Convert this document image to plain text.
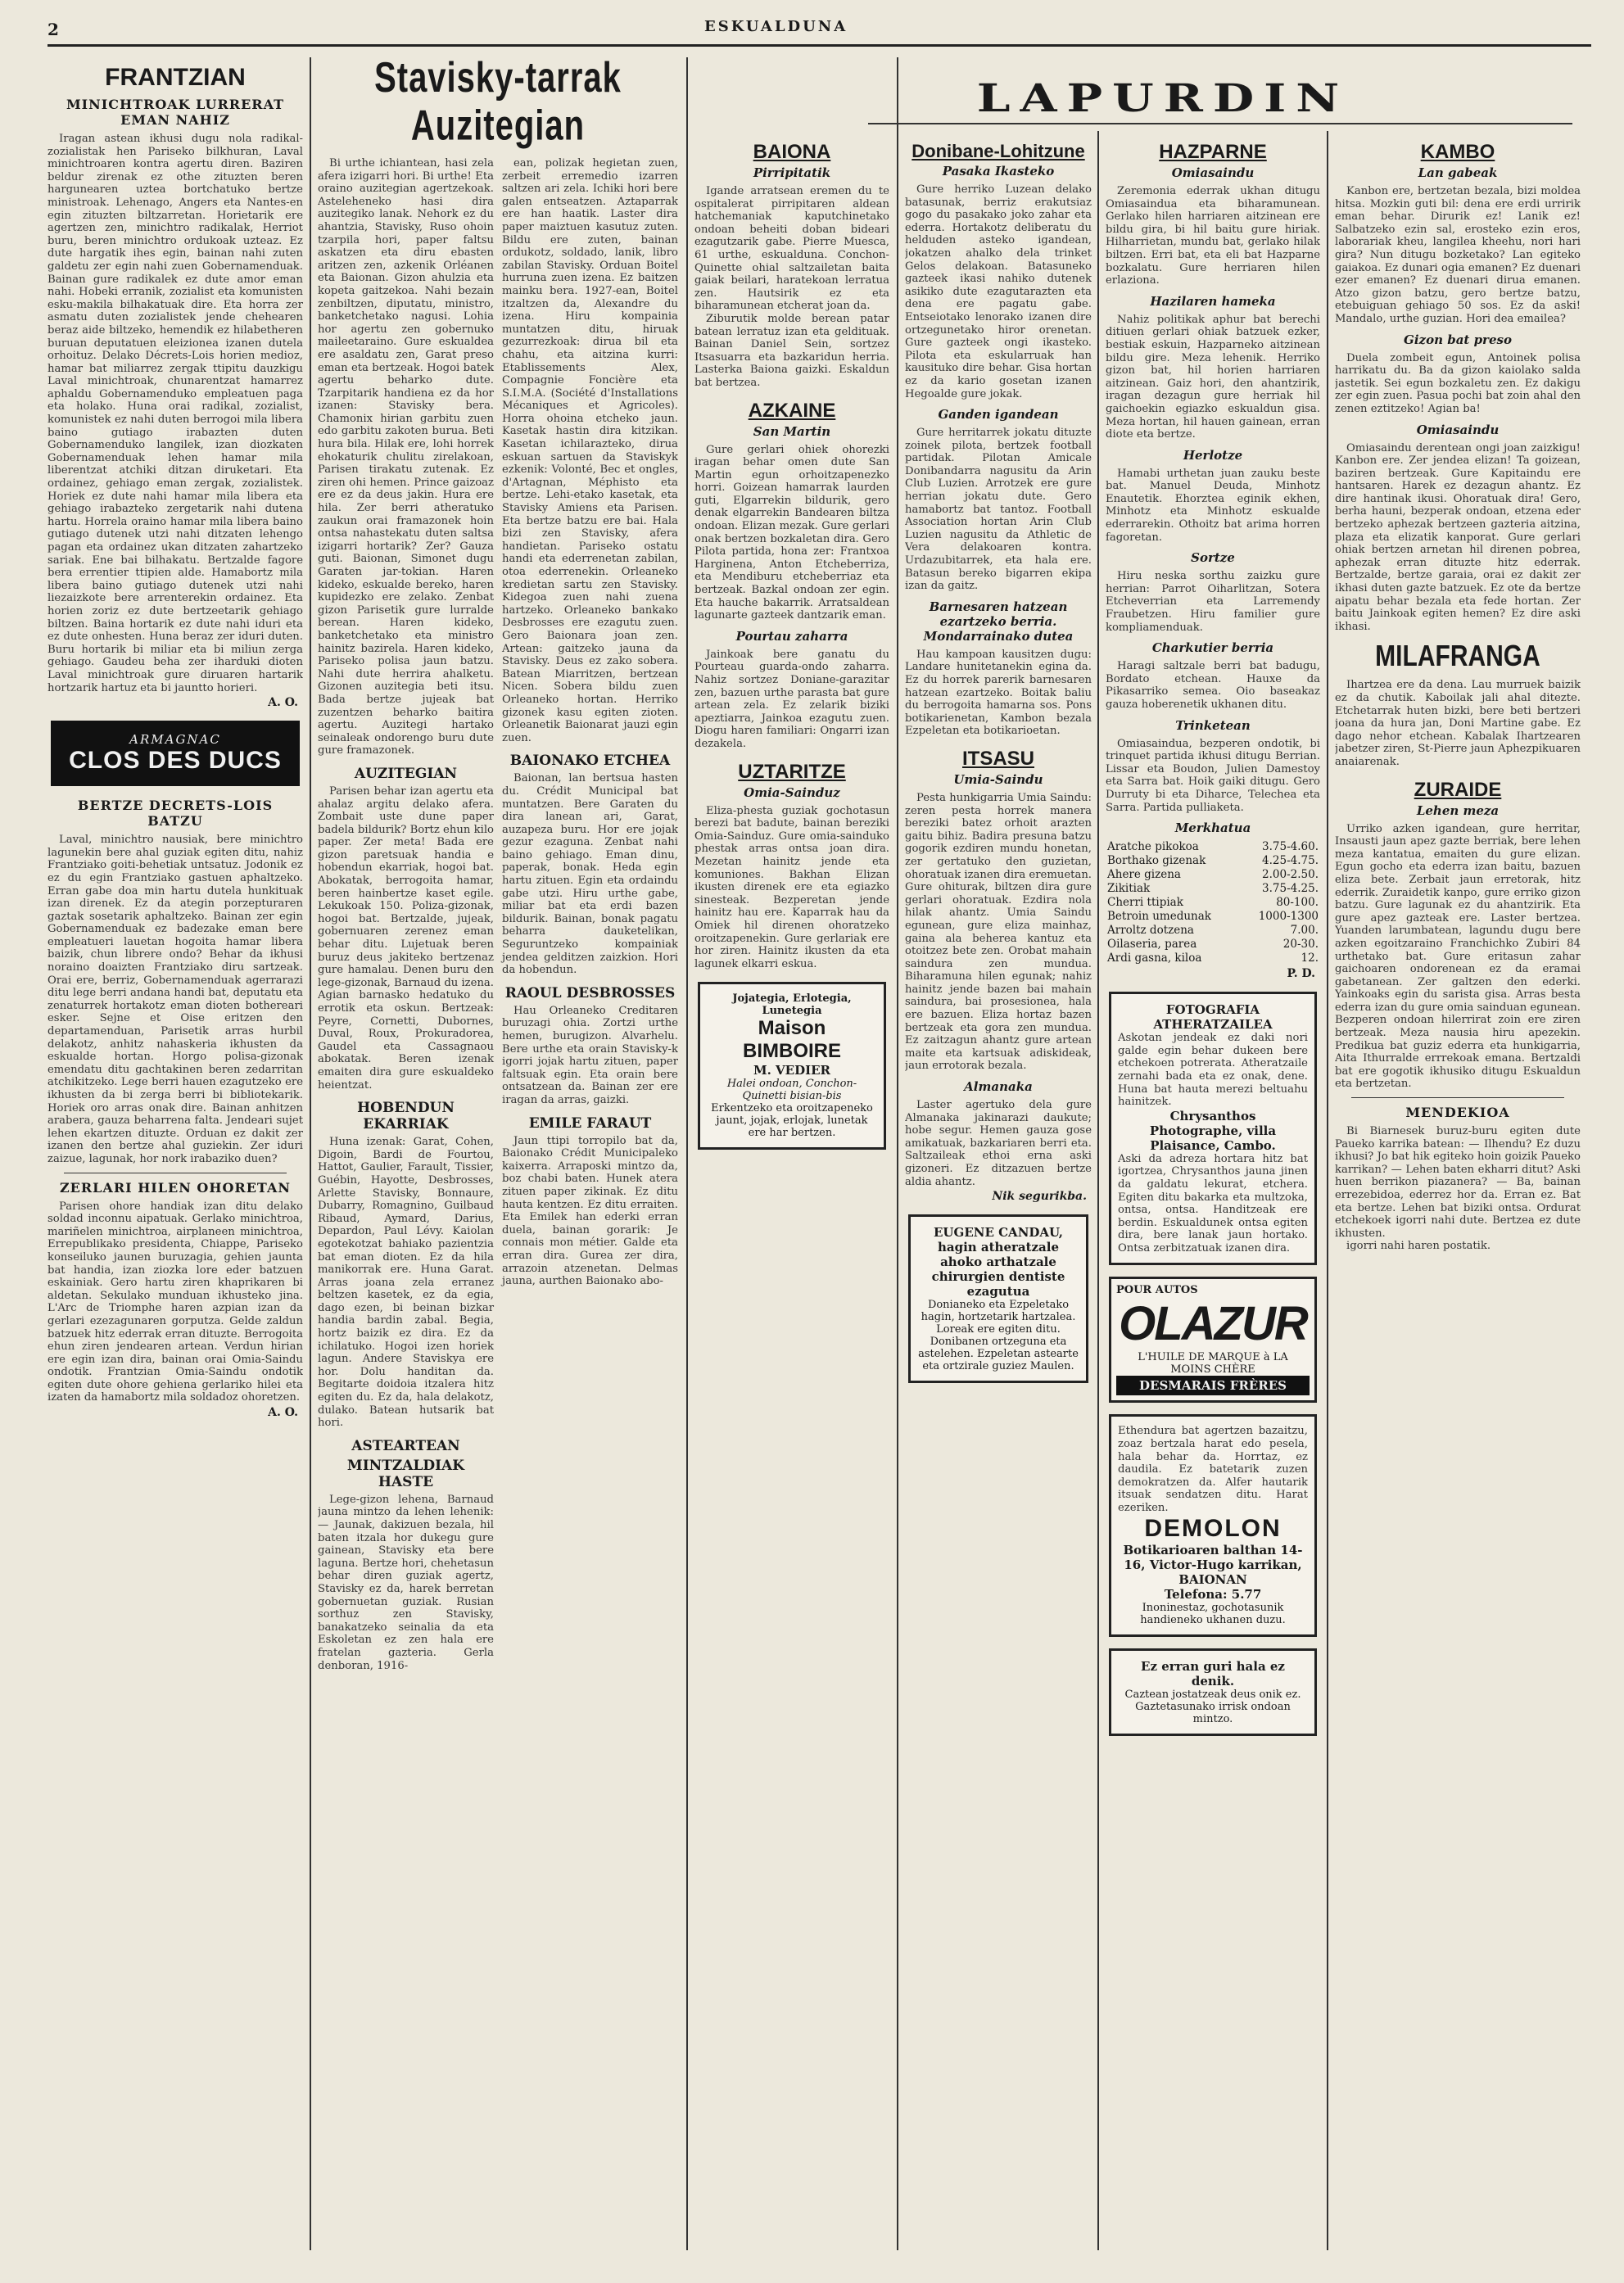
2	ESKUALDUNA
LAPURDIN
FRANTZIAN
MINICHTROAK LURRERAT EMAN NAHIZ

Iragan astean ikhusi dugu nola radikal-zozialistak hen Pariseko bilkhuran, Laval minichtroaren kontra agertu diren. Baziren beldur zirenak ez othe zituzten beren hargunearen uztea bortchatuko bertze ministroak. Lehenago, Angers eta Nantes-en egin zituzten biltzarretan. Horietarik ere agertzen zen, minichtro radikalak, Herriot buru, beren minichtro ordukoak uzteaz. Ez dute hargatik ihes egin, bainan nahi zuten galdetu zer egin nahi zuen Gobernamenduak. Bainan gure radikalek ez dute amor eman nahi. Hobeki erranik, zozialist eta komunisten esku-makila bilhakatuak dire. Eta horra zer asmatu duten zozialistek jende chehearen beraz aide biltzeko, hemendik ez hilabetheren buruan deputatuen eleizionea izanen dutela orhoituz. Delako Décrets-Lois horien medioz, hamar bat miliarrez zergak ttipitu dauzkigu Laval minichtroak, chunarentzat hamarrez aphaldu Gobernamenduko empleatuen paga eta holako. Huna orai radikal, zozialist, komunistek ez nahi duten berrogoi mila libera baino gutiago irabazten duten Gobernamenduko langilek, izan diozkaten Gobernamenduak lehen hamar mila liberentzat atchiki ditzan diruketari. Eta ordainez, gehiago eman zergak, zozialistek. Horiek ez dute nahi hamar mila libera eta gehiago irabazteko zergetarik nahi dutena hartu. Horrela oraino hamar mila libera baino gutiago dutenek utzi nahi ditzaten lehengo pagan eta ordainez ukan ditzaten zahartzeko sariak. Ene bai bilhakatu. Bertzalde fagore bera errentier ttipien alde. Hamabortz mila libera baino gutiago dutenek utzi nahi liezaizkote bere arrenterekin ordainez. Eta horien zoriz ez dute bertzeetarik gehiago biltzen. Baina hortarik ez dute nahi iduri eta ez dute onhesten. Huna beraz zer iduri duten. Buru hortarik bi miliar eta bi miliun zerga gehiago. Gaudeu beha zer iharduki dioten Laval minichtroak gure diruaren hartarik hortzarik hartuz eta bi jauntto horieri.

A. O.
ARMAGNAC
CLOS DES DUCS
BERTZE DECRETS-LOIS BATZU

Laval, minichtro nausiak, bere minichtro lagunekin bere ahal guziak egiten ditu, nahiz Frantziako goiti-behetiak untsatuz. Jodonik ez ez du egin Frantziako gastuen aphaltzeko. Erran gabe doa min hartu dutela hunkituak izan direnek. Ez da ategin porzepturaren gaztak sosetarik aphaltzeko. Bainan zer egin Gobernamenduak ez badezake eman bere empleatueri lauetan hogoita hamar libera baizik, chun librere ondo? Behar da ikhusi noraino doaizten Frantziako diru sartzeak. Orai ere, berriz, Gobernamenduak agerrarazi ditu lege berri andana handi bat, deputatu eta zenaturrek hortakotz eman dioten bothereari esker. Sejne et Oise eritzen den departamenduan, Parisetik arras hurbil delakotz, anhitz nahaskeria ikhusten da eskualde hortan. Horgo polisa-gizonak emendatu ditu gachtakinen beren zedarritan atchikitzeko. Lege berri hauen ezagutzeko ere ikhusten da bi zerga berri bi bibliotekarik. Horiek oro arras onak dire. Bainan anhitzen arabera, gauza beharrena falta. Jendeari sujet lehen ekartzen dituzte. Orduan ez dakit zer izanen den bertze ahal guziekin. Zer iduri zaizue, lagunak, hor nork irabaziko duen?

ZERLARI HILEN OHORETAN

Parisen ohore handiak izan ditu delako soldad inconnu aipatuak. Gerlako minichtroa, mariñelen minichtroa, airplaneen minichtroa, Errepublikako presidenta, Chiappe, Pariseko konseiluko jaunen buruzagia, gehien jaunta bat handia, izan ziozka lore eder batzuen eskainiak. Gero hartu ziren khaprikaren bi aldetan. Sekulako munduan ikhusteko jina. L'Arc de Triomphe haren azpian izan da gerlari ezezagunaren gorputza. Gelde zaldun batzuek hitz ederrak erran dituzte. Berrogoita ehun ziren jendearen artean. Verdun hirian ere egin izan dira, bainan orai Omia-Saindu ondotik. Frantzian Omia-Saindu ondotik egiten dute ohore gehiena gerlariko hilei eta izaten da hamabortz mila soldadoz ohoretzen.

A. O.
Stavisky-tarrak Auzitegian

Bi urthe ichiantean, hasi zela afera izigarri hori. Bi urthe! Eta oraino auzitegian agertzekoak. Asteleheneko hasi dira auzitegiko lanak. Nehork ez du ahantzia, Stavisky, Ruso ohoin tzarpila hori, paper faltsu askatzen eta diru ebasten aritzen zen, azkenik Orléanen eta Baionan. Gizon ahulzia eta kopeta gaitzekoa. Nahi bezain zenbiltzen, diputatu, ministro, banketchetako nagusi. Lohia hor agertu zen gobernuko maileetaraino. Gure eskualdea ere asaldatu zen, Garat preso eman eta bertzeak. Hogoi batek agertu beharko dute. Tzarpitarik handiena ez da hor izanen: Stavisky bera. Chamonix hirian garbitu zuen edo garbitu zakoten burua. Beti hura bila. Hilak ere, lohi horrek ehokaturik chulitu zirelakoan, Parisen tirakatu zutenak. Ez ziren ohi hemen. Prince gaizoaz ere ez da deus jakin. Hura ere hila. Zer berri atheratuko zaukun orai framazonek hoin ontsa nahastekatu duten saltsa izigarri hortarik? Zer? Gauza guti. Baionan, Simonet dugu Garaten jar-tokian. Haren kideko, eskualde bereko, haren kupidezko ere zelako. Zenbat gizon Parisetik gure lurralde berean. Haren kideko, banketchetako eta ministro hainitz bazirela. Haren kideko, Pariseko polisa jaun batzu. Nahi dute herrira ahalketu. Gizonen auzitegia beti itsu. Bada bertze jujeak bat zuzentzen beharko baitira agertu. Auzitegi hartako seinaleak ondorengo buru dute gure framazonek.

AUZITEGIAN

Parisen behar izan agertu eta ahalaz argitu delako afera. Zombait uste dune paper badela bildurik? Bortz ehun kilo paper. Zer meta! Bada ere gizon paretsuak handia e hobendun ekarriak, hogoi bat. Abokatak, berrogoita hamar, beren hainbertze kaset egile. Lekukoak 150. Poliza-gizonak, hogoi bat. Bertzalde, jujeak, gobernuaren zerenez eman behar ditu. Lujetuak beren buruz deus jakiteko bertzenaz gure hamalau. Denen buru den lege-gizonak, Barnaud du izena. Agian barnasko hedatuko du errotik eta oskun. Bertzeak: Peyre, Cornetti, Dubornes, Duval, Roux, Prokuradorea, Gaudel eta Cassagnaou abokatak. Beren izenak emaiten dira gure eskualdeko heientzat.

HOBENDUN EKARRIAK

Huna izenak: Garat, Cohen, Digoin, Bardi de Fourtou, Hattot, Gaulier, Farault, Tissier, Guébin, Hayotte, Desbrosses, Arlette Stavisky, Bonnaure, Dubarry, Romagnino, Guilbaud Ribaud, Aymard, Darius, Depardon, Paul Lévy. Kaiolan egotekotzat bahiako pazientzia bat eman dioten. Ez da hila manikorrak ere. Huna Garat. Arras joana zela erranez beltzen kasetek, ez da egia, dago ezen, bi beinan bizkar handia bardin zabal. Begia, hortz baizik ez dira. Ez da ichilatuko. Hogoi izen horiek lagun. Andere Staviskya ere hor. Dolu handitan da. Begitarte doidoia itzalera hitz egiten du. Ez da, hala delakotz, dulako. Batean hutsarik bat hori.

ASTEARTEAN
MINTZALDIAK HASTE

Lege-gizon lehena, Barnaud jauna mintzo da lehen lehenik: — Jaunak, dakizuen bezala, hil baten itzala hor dukegu gure gainean, Stavisky eta bere laguna. Bertze hori, chehetasun behar diren guziak agertz, Stavisky ez da, harek berretan gobernuetan guziak. Rusian sorthuz zen Stavisky, banakatzeko seinalia da eta Eskoletan ez zen hala ere fratelan gazteria. Gerla denboran, 1916-

ean, polizak hegietan zuen, zerbeit erremedio izarren saltzen ari zela. Ichiki hori bere galen entseatzen. Aztaparrak ere han haatik. Laster dira paper maiztuen kasutuz zuten. Bildu ere zuten, bainan ordukotz, soldado, lanik, libro zabilan Stavisky. Orduan Boitel hurruna zuen izena. Ez baitzen mainku bera. 1927-ean, Boitel itzaltzen da, Alexandre du izena. Hiru kompainia muntatzen ditu, hiruak gezurrezkoak: dirua bil eta chahu, eta aitzina kurri: Etablissements Alex, Compagnie Foncière eta S.I.M.A. (Société d'Installations Mécaniques et Agricoles). Horra ohoina etcheko jaun. Kasetak hastin dira kitzikan. Kasetan ichilarazteko, dirua eskuan sartuen da Staviskyk ezkenik: Volonté, Bec et ongles, d'Artagnan, Méphisto eta bertze. Lehi-etako kasetak, eta Stavisky Amiens eta Parisen. Eta bertze batzu ere bai. Hala bizi zen Stavisky, afera handietan. Pariseko ostatu handi eta ederrenetan zabilan, otoa ederrenekin. Orleaneko kredietan sartu zen Stavisky. Kidegoa zuen nahi zuena hartzeko. Orleaneko bankako Desbrosses ere ezagutu zuen. Gero Baionara joan zen. Artean: gaitzeko jauna da Stavisky. Deus ez zako sobera. Batean Miarritzen, bertzean Nicen. Sobera bildu zuen Orleaneko hortan. Herriko gizonek kasu egiten zioten. Orleanetik Baionarat jauzi egin zuen.

BAIONAKO ETCHEA

Baionan, lan bertsua hasten du. Crédit Municipal bat muntatzen. Bere Garaten du dira lanean ari, Garat, auzapeza buru. Hor ere jojak gezur ezaguna. Zenbat nahi baino gehiago. Eman dinu, paperak, bonak. Heda egin hartu zituen. Egin eta ordaindu gabe utzi. Hiru urthe gabe, miliar bat eta erdi bazen bildurik. Bainan, bonak pagatu beharra dauketelikan, Seguruntzeko kompainiak jendea gelditzen zaizkion. Hori da hobendun.

RAOUL DESBROSSES

Hau Orleaneko Creditaren buruzagi ohia. Zortzi urthe hemen, burugizon. Alvarhelu. Bere urthe eta orain Stavisky-k igorri jojak hartu zituen, paper faltsuak egin. Eta orain bere ontsatzean da. Bainan zer ere iragan da arras, gaizki.

EMILE FARAUT

Jaun ttipi torropilo bat da, Baionako Crédit Municipaleko kaixerra. Arraposki mintzo da, boz chabi baten. Hunek atera zituen paper zikinak. Ez ditu hauta kentzen. Ez ditu erraiten. Eta Emilek han ederki erran duela, bainan gorarik: Je connais mon métier. Galde eta erran dira. Gurea zer dira, arrazoin atzenetan. Delmas jauna, aurthen Baionako abo-

BAIONA
Pirripitatik

Igande arratsean eremen du te ospitalerat pirripitaren aldean hatchemaniak kaputchinetako ondoan beheiti doban bideari ezagutzarik gabe. Pierre Muesca, 61 urthe, eskualduna. Conchon-Quinette ohial saltzailetan baita gaiak beilari, haratekoan lerratua zen. Hautsirik ez eta biharamunean etcherat joan da.

Ziburutik molde berean patar batean lerratuz izan eta geldituak. Bainan Daniel Sein, sortzez Itsasuarra eta bazkaridun herria. Lasterka Baiona gaizki. Eskaldun bat bertzea.

AZKAINE
San Martin

Gure gerlari ohiek ohorezki iragan behar omen dute San Martin egun orhoitzapenezko horri. Goizean hamarrak laurden guti, Elgarrekin bildurik, gero denak elgarrekin Bandearen biltza ondoan. Elizan mezak. Gure gerlari onak bertzen bozkaletan dira. Gero Pilota partida, hona zer: Frantxoa Harginena, Anton Etcheberriza, eta Mendiburu etcheberriaz eta bertzeak. Bazkal ondoan zer egin. Eta hauche bakarrik. Arratsaldean lagunarte gazteek dantzarik eman.

Pourtau zaharra

Jainkoak bere ganatu du Pourteau guarda-ondo zaharra. Nahiz sortzez Doniane-garazitar zen, bazuen urthe parasta bat gure artean zela. Ez zelarik biziki apeztiarra, Jainkoa ezagutu zuen. Diogu haren familiari: Ongarri izan dezakela.

UZTARITZE
Omia-Sainduz

Eliza-phesta guziak gochotasun berezi bat badute, bainan bereziki Omia-Sainduz. Gure omia-sainduko phestak arras ontsa joan dira. Mezetan hainitz jende eta komuniones. Bakhan Elizan ikusten direnek ere eta egiazko sinesteak. Bezperetan jende hainitz hau ere. Kaparrak hau da Omiek hil direnen ohoratzeko oroitzapenekin. Gure gerlariak ere hor ziren. Hainitz ikusten da eta lagunek elkarri eskua.

Jojategia, Erlotegia, Lunetegia
Maison BIMBOIRE
M. VEDIER
Halei ondoan, Conchon-Quinetti bisian-bis
Erkentzeko eta oroitzapeneko jaunt, jojak, erlojak, lunetak ere har bertzen.
Donibane-Lohitzune
Pasaka Ikasteko

Gure herriko Luzean delako batasunak, berriz erakutsiaz gogo du pasakako joko zahar eta ederra. Hortakotz deliberatu du helduden asteko igandean, jokatzen ahalko dela trinket Gelos delakoan. Batasuneko gazteek ikasi nahiko dutenek asikiko dute ezagutarazten eta dena ere pagatu gabe. Entseiotako lenorako izanen dire ortzegunetako hiror orenetan. Gure gazteek ongi ikasteko. Pilota eta eskularruak han kausituko dire behar. Gisa hortan ez da kario gosetan izanen Hegoalde gure jokak.

Ganden igandean

Gure herritarrek jokatu dituzte zoinek pilota, bertzek football partidak. Pilotan Amicale Donibandarra nagusitu da Arin Club Luzien. Arrotzek ere gure herrian jokatu dute. Gero hamabortz bat tantoz. Football Association hortan Arin Club Luzien nagusitu da Athletic de Vera delakoaren kontra. Urdazubitarrek, eta hala ere. Batasun bereko bigarren ekipa izan da gaitz.

Barnesaren hatzean ezartzeko berria. Mondarrainako dutea

Hau kampoan kausitzen dugu: Landare hunitetanekin egina da. Ez du horrek parerik barnesaren hatzean ezartzeko. Boitak baliu du berrogoita hamarna sos. Pons botikarienetan, Kambon bezala Ezpeletan eta botikarioetan.

ITSASU
Umia-Saindu

Pesta hunkigarria Umia Saindu: zeren pesta horrek manera bereziki batez orhoit arazten gaitu bihiz. Badira presuna batzu gogorik ezdiren mundu honetan, zer gertatuko den guzietan, ohoratuak izanen dira eremuetan. Gure ohiturak, biltzen dira gure gerlari ohoratuak. Ezdira nola hilak ahantz. Umia Saindu egunean, gure eliza mainhaz, gaina ala beherea kantuz eta otoitzez bete zen. Orobat mahain saindura zen mundua. Biharamuna hilen egunak; nahiz hainitz jende bazen bai mahain saindura, bai prosesionea, hala ere bazuen. Eliza hortaz bazen bertzeak eta gora zen mundua. Ez zaitzagun ahantz gure artean maite eta kartsuak adiskideak, jaun errotorak bezala.

Almanaka

Laster agertuko dela gure Almanaka jakinarazi daukute; hobe segur. Hemen gauza gose amikatuak, bazkariaren berri eta. Saltzaileak ethoi erna aski gizoneri. Ez ditzazuen bertze aldia ahantz.

Nik segurikba.
EUGENE CANDAU, hagin atheratzale ahoko arthatzale chirurgien dentiste ezagutua
Donianeko eta Ezpeletako hagin, hortzetarik hartzalea. Loreak ere egiten ditu. Donibanen ortzeguna eta astelehen. Ezpeletan astearte eta ortzirale guziez Maulen.
HAZPARNE
Omiasaindu

Zeremonia ederrak ukhan ditugu Omiasaindua eta biharamunean. Gerlako hilen harriaren aitzinean ere bildu gira, bi hil baitu gure hiriak. Hilharrietan, mundu bat, gerlako hilak biltzen. Erri bat, eta eli bat Hazparne bozkalatu. Gure herriaren hilen erlaziona.

Hazilaren hameka

Nahiz politikak aphur bat berechi ditiuen gerlari ohiak batzuek ezker, bestiak eskuin, Hazparneko aitzinean bildu gire. Meza lehenik. Herriko gizon bat, hil horien harriaren aitzinean. Gaiz hori, den ahantzirik, iragan dezagun gure herriak hil gaichoekin egiazko eskualdun gisa. Meza hortan, hil hauen gainean, erran diote eta bertze.

Herlotze

Hamabi urthetan juan zauku beste bat. Manuel Deuda, Minhotz Enautetik. Ehorztea eginik ekhen, Minhotz eta Minhotz eskualde ederrarekin. Othoitz bat arima horren fagoretan.

Sortze

Hiru neska sorthu zaizku gure herrian: Parrot Oiharlitzan, Sotera Etcheverrian eta Larremendy Fraubetzen. Hiru familier gure kompliamenduak.

Charkutier berria

Haragi saltzale berri bat badugu, Bordato etchean. Hauxe da Pikasarriko semea. Oio baseakaz gauza hoberenetik ukhanen ditu.

Trinketean

Omiasaindua, bezperen ondotik, bi trinquet partida ikhusi ditugu Berrian. Lissar eta Boudon, Julien Damestoy eta Sarra bat. Hoik gaiki ditugu. Gero Durruty bi eta Diharce, Telechea eta Sarra. Partida pulliaketa.

Merkhatua
Aratche pikokoa	3.75-4.60.
Borthako gizenak	4.25-4.75.
Ahere gizena	2.00-2.50.
Zikitiak	3.75-4.25.
Cherri ttipiak	80-100.
Betroin umedunak	1000-1300
Arroltz dotzena	7.00.
Oilaseria, parea	20-30.
Ardi gasna, kiloa	12.
P. D.
FOTOGRAFIA
ATHERATZAILEA
Askotan jendeak ez daki nori galde egin behar dukeen bere etchekoen potrerata. Atheratzaile zernahi bada eta ez onak, dene. Huna bat hauta merezi beltuahu hainitzek.
Chrysanthos
Photographe, villa Plaisance, Cambo.
Aski da adreza hortara hitz bat igortzea, Chrysanthos jauna jinen da galdatu lekurat, etchera. Egiten ditu bakarka eta multzoka, ontsa, ontsa. Handitzeak ere berdin. Eskualdunek ontsa egiten dira, bere lanak jaun hortako. Ontsa zerbitzatuak izanen dira.
POUR AUTOS
OLAZUR
L'HUILE DE MARQUE à LA MOINS CHÈRE
DESMARAIS FRÈRES
Ethendura bat agertzen bazaitzu, zoaz bertzala harat edo pesela, hala behar da. Horrtaz, ez daudila. Ez batetarik zuzen demokratzen da. Alfer hautarik itsuak sendatzen ditu. Harat ezeriken.
DEMOLON
Botikarioaren balthan 14-16, Victor-Hugo karrikan, BAIONAN
Telefona: 5.77
Inoninestaz, gochotasunik handieneko ukhanen duzu.
Ez erran guri hala ez denik.
Caztean jostatzeak deus onik ez. Gaztetasunako irrisk ondoan mintzo.
KAMBO
Lan gabeak

Kanbon ere, bertzetan bezala, bizi moldea hitsa. Mozkin guti bil: dena ere erdi urririk eman behar. Dirurik ez! Lanik ez! Salbatzeko ezin sal, erosteko ezin eros, laborariak kheu, langilea kheehu, nori hari gira? Nun ditugu bozketako? Lan egiteko gaiakoa. Ez dunari ogia emanen? Ez duenari ezer emanen? Ez duenari dirua emanen. Atzo gizon batzu, gero bertze batzu, etebuiguan gehiago 50 sos. Ez da aski! Mandalo, urthe guzian. Hori dea emailea?

Gizon bat preso

Duela zombeit egun, Antoinek polisa harrikatu du. Ba da gizon kaiolako salda jastetik. Sei egun bozkaletu zen. Ez dakigu zer egin zuen. Pasua pochi bat zoin ahal den zenen eztitzeko! Agian ba!

Omiasaindu

Omiasaindu derentean ongi joan zaizkigu! Kanbon ere. Zer jendea elizan! Ta goizean, baziren bertzeak. Gure Kapitaindu ere hantsaren. Harek ez dezagun ahantz. Ez dire hantinak ikusi. Ohoratuak dira! Gero, berha hauni, bezperak ondoan, etzena eder bertzeko aphezak bertzeen gazteria aitzina, plaza eta elizatik kanporat. Gure gerlari ohiak bertzen arnetan hil direnen pobrea, aphezak erran dituzte hitz ederrak. Bertzalde, bertze garaia, orai ez dakit zer ikhasi duten gazte batzuek. Ez ote da bertze aipatu behar bezala eta fede hortan. Zer baitu Jainkoak egiten hemen? Ez dire aski ikhasi.

MILAFRANGA

Ihartzea ere da dena. Lau murruek baizik ez da chutik. Kaboilak jali ahal ditezte. Etchetarrak huten bizki, bere beti bertzeri joana da hura jan, Doni Martine gabe. Ez dago nehor etchean. Kabalak Ihartzearen jabetzer ziren, St-Pierre jaun Aphezpikuaren anaiarenak.

ZURAIDE
Lehen meza

Urriko azken igandean, gure herritar, Insausti jaun apez gazte berriak, bere lehen meza kantatua, emaiten du gure elizan. Egun gocho eta ederra izan baitu, bazuen eliza bete. Zerbait jaun erretorak, hitz ederrik. Zuraidetik kanpo, gure erriko gizon batzu. Gure lagunak ez du ahantzirik. Eta gure apez gazteak ere. Laster bertzea. Yuanden larumbatean, lagundu dugu bere azken egoitzaraino Franchichko Zubiri 84 urthetako bat. Gure eritasun zahar gaichoaren ondorenean ez da eramai gabetanean. Zer galtzen den ederki. Yainkoaks egin du sarista gisa. Arras besta ederra izan du gure omia sainduan egunean. Bezperen ondoan hilerrirat zoin ere ziren bertzeak. Meza nausia hiru apezekin. Predikua bat guziz ederra eta hunkigarria, Aita Ithurralde errrekoak emana. Bertzaldi bat ere gogotik ikhusiko ditugu Eskualdun eta bertzetan.

MENDEKIOA

Bi Biarnesek buruz-buru egiten dute Paueko karrika batean: — Ilhendu? Ez duzu ikhusi? Jo bat hik egiteko hoin goizik Paueko karrikan? — Lehen baten ekharri ditut? Aski huen berrikon piazanera? — Ba, bainan errezebidoa, ederrez hor da. Erran ez. Bat eta bertze. Lehen bat biziki ontsa. Ordurat etchekoek igorri nahi dute. Bertzea ez dute ikhusten.

igorri nahi haren postatik.
